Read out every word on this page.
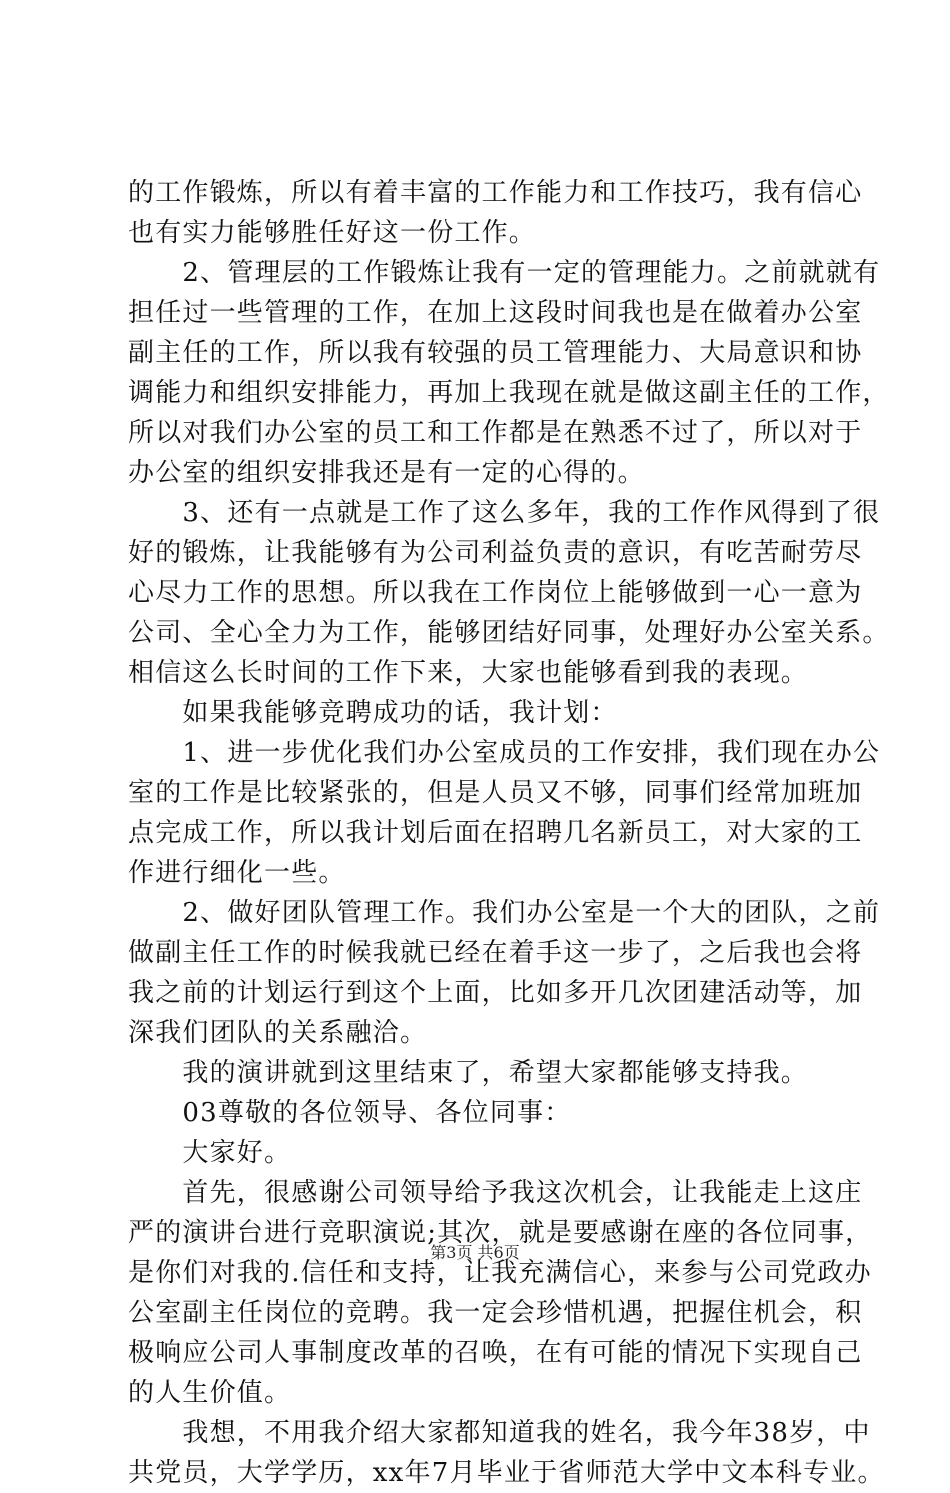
的工作锻炼，所以有着丰富的工作能力和工作技巧，我有信心
也有实力能够胜任好这一份工作。
　　2、管理层的工作锻炼让我有一定的管理能力。之前就就有
担任过一些管理的工作，在加上这段时间我也是在做着办公室
副主任的工作，所以我有较强的员工管理能力、大局意识和协
调能力和组织安排能力，再加上我现在就是做这副主任的工作，
所以对我们办公室的员工和工作都是在熟悉不过了，所以对于
办公室的组织安排我还是有一定的心得的。
　　3、还有一点就是工作了这么多年，我的工作作风得到了很
好的锻炼，让我能够有为公司利益负责的意识，有吃苦耐劳尽
心尽力工作的思想。所以我在工作岗位上能够做到一心一意为
公司、全心全力为工作，能够团结好同事，处理好办公室关系。
相信这么长时间的工作下来，大家也能够看到我的表现。
　　如果我能够竞聘成功的话，我计划：
　　1、进一步优化我们办公室成员的工作安排，我们现在办公
室的工作是比较紧张的，但是人员又不够，同事们经常加班加
点完成工作，所以我计划后面在招聘几名新员工，对大家的工
作进行细化一些。
　　2、做好团队管理工作。我们办公室是一个大的团队，之前
做副主任工作的时候我就已经在着手这一步了，之后我也会将
我之前的计划运行到这个上面，比如多开几次团建活动等，加
深我们团队的关系融洽。
　　我的演讲就到这里结束了，希望大家都能够支持我。
　　03尊敬的各位领导、各位同事：
　　大家好。
　　首先，很感谢公司领导给予我这次机会，让我能走上这庄
严的演讲台进行竞职演说;其次，就是要感谢在座的各位同事，
是你们对我的.信任和支持，让我充满信心，来参与公司党政办
公室副主任岗位的竞聘。我一定会珍惜机遇，把握住机会，积
极响应公司人事制度改革的召唤，在有可能的情况下实现自己
的人生价值。
　　我想，不用我介绍大家都知道我的姓名，我今年38岁，中
共党员，大学学历，xx年7月毕业于省师范大学中文本科专业。
第3页 共6页
